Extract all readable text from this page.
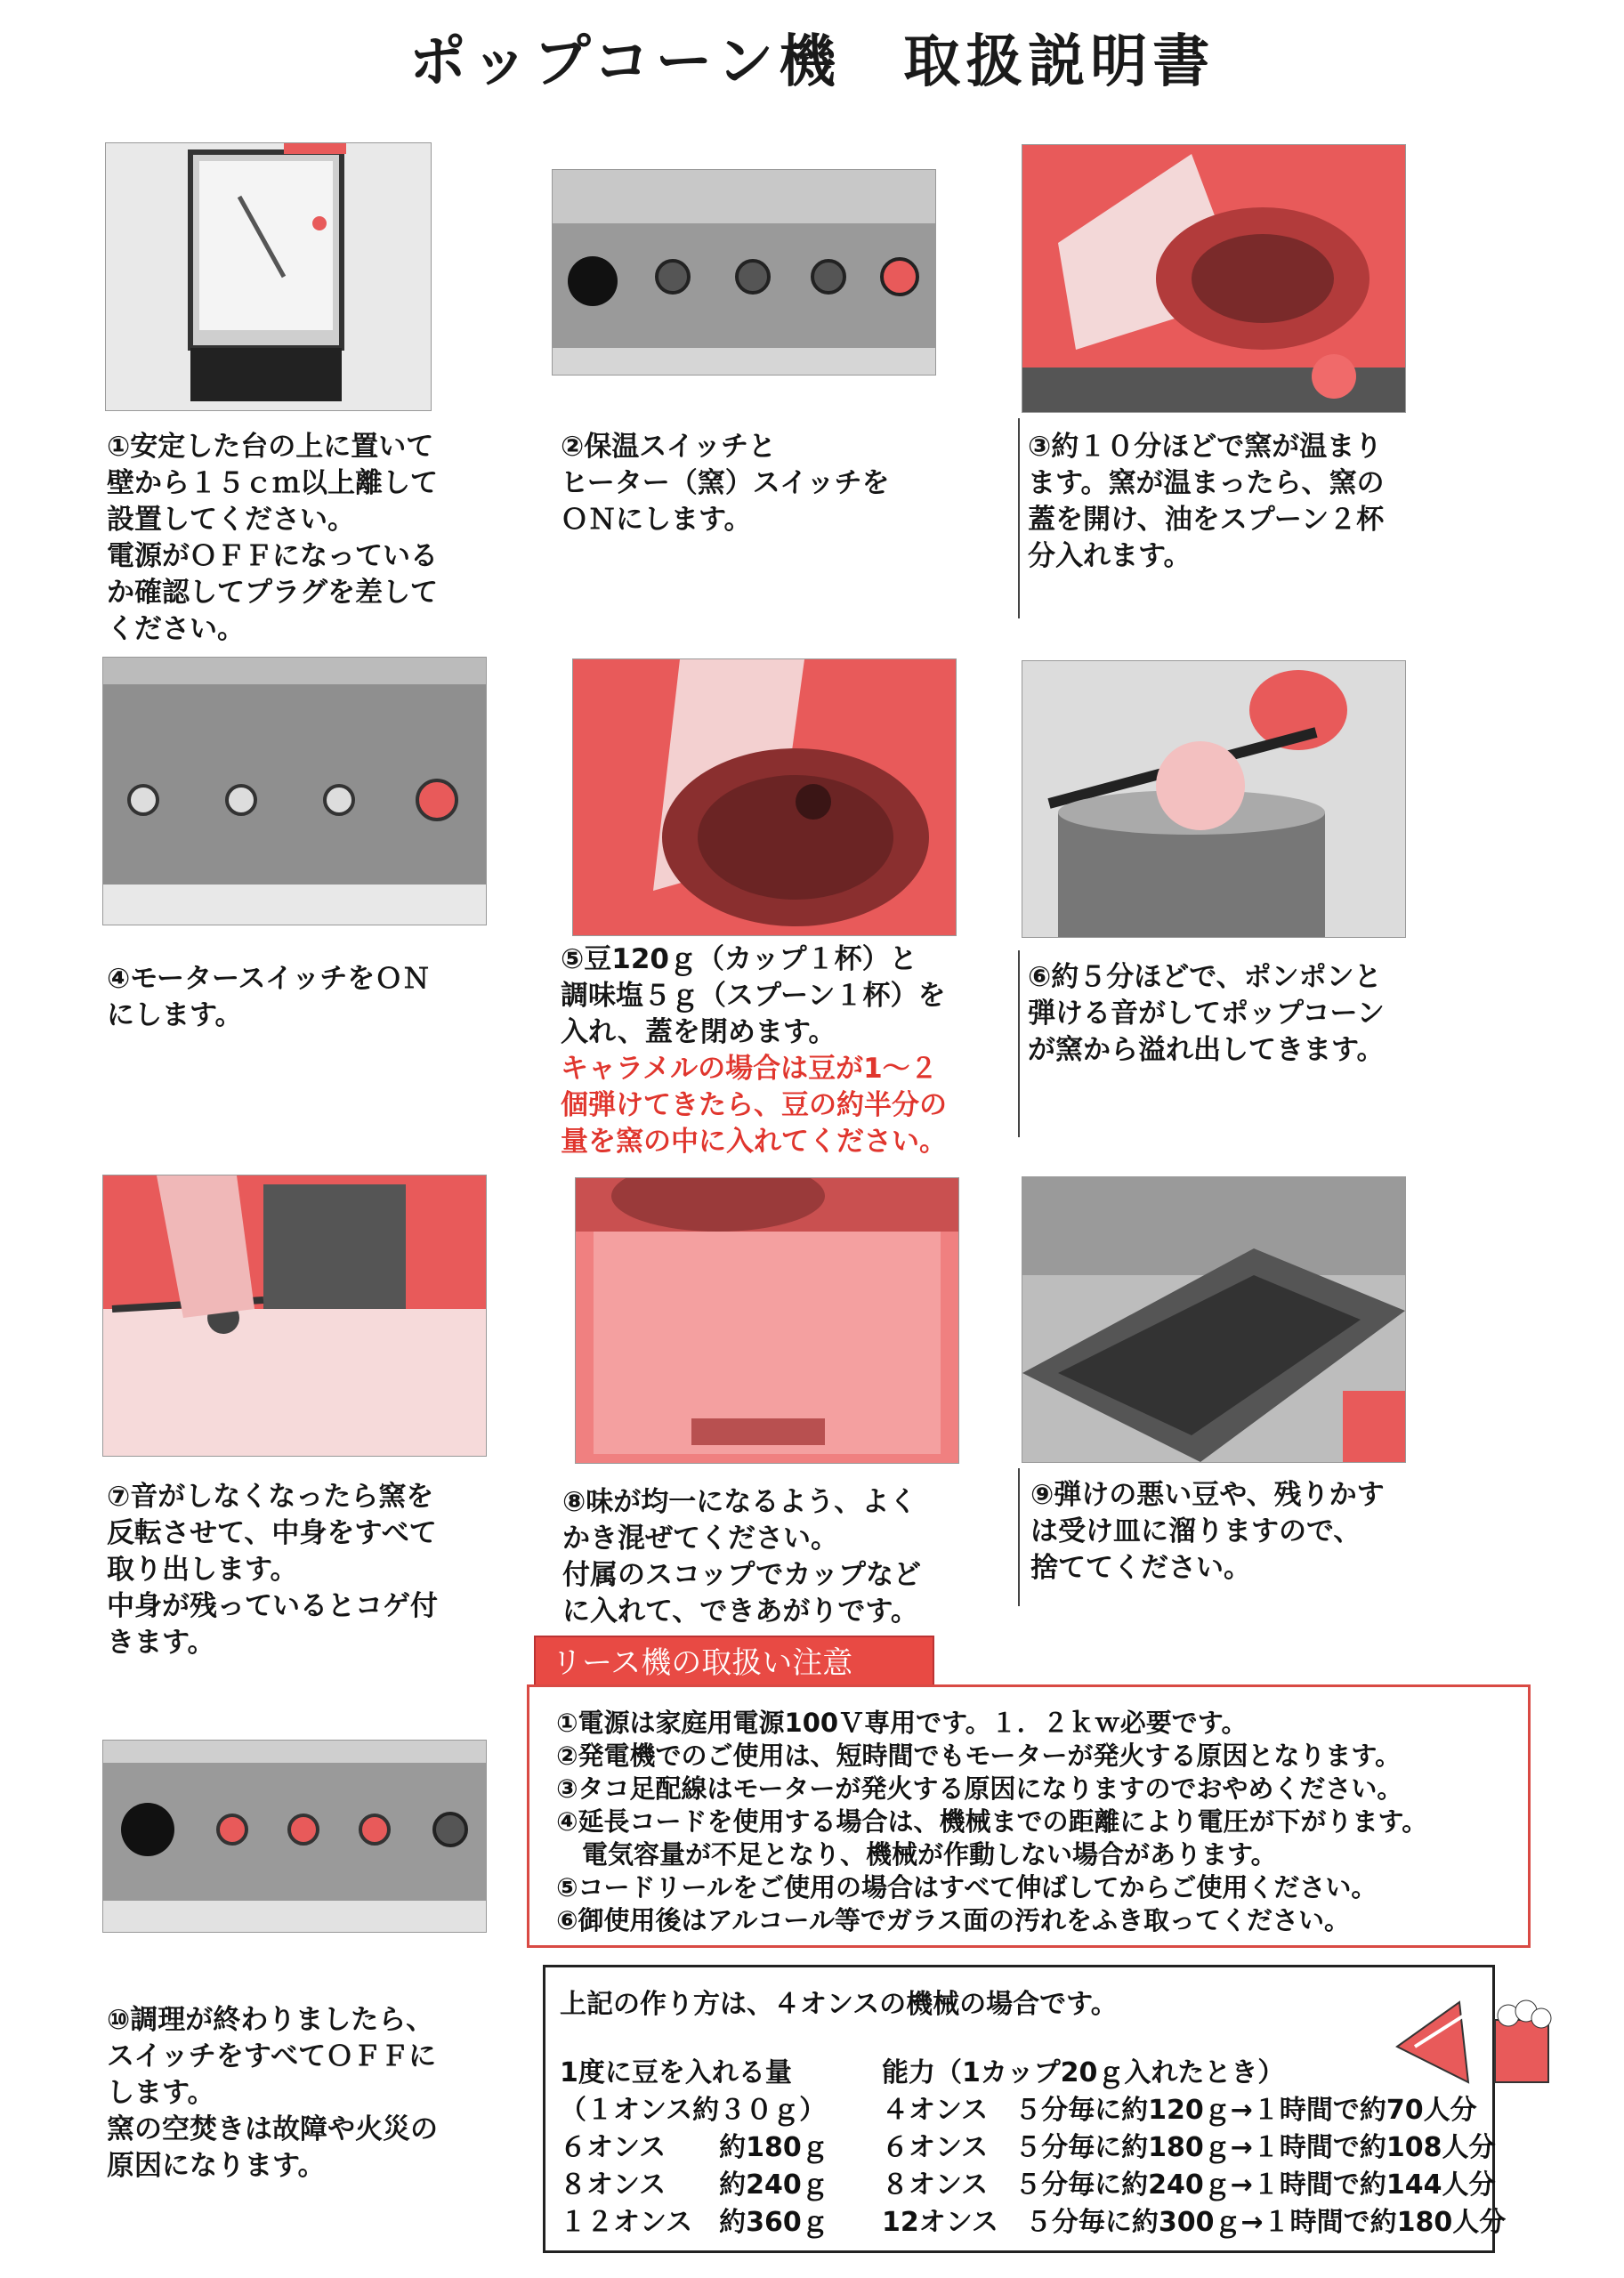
ポップコーン機　取扱説明書
①安定した台の上に置いて
壁から１５ｃｍ以上離して
設置してください。
電源がＯＦＦになっている
か確認してプラグを差して
ください。
②保温スイッチと
ヒーター（窯）スイッチを
ＯＮにします。
③約１０分ほどで窯が温まり
ます。窯が温まったら、窯の
蓋を開け、油をスプーン２杯
分入れます。
④モータースイッチをＯＮ
にします。
⑤豆120ｇ（カップ１杯）と
調味塩５ｇ（スプーン１杯）を
入れ、蓋を閉めます。
キャラメルの場合は豆が1～２
個弾けてきたら、豆の約半分の
量を窯の中に入れてください。
⑥約５分ほどで、ポンポンと
弾ける音がしてポップコーン
が窯から溢れ出してきます。
⑦音がしなくなったら窯を
反転させて、中身をすべて
取り出します。
中身が残っているとコゲ付
きます。
⑧味が均一になるよう、よく
かき混ぜてください。
付属のスコップでカップなど
に入れて、できあがりです。
⑨弾けの悪い豆や、残りかす
は受け皿に溜りますので、
捨ててください。
リース機の取扱い注意
①電源は家庭用電源100Ｖ専用です。１．２ｋｗ必要です。
②発電機でのご使用は、短時間でもモーターが発火する原因となります。
③タコ足配線はモーターが発火する原因になりますのでおやめください。
④延長コードを使用する場合は、機械までの距離により電圧が下がります。
　電気容量が不足となり、機械が作動しない場合があります。
⑤コードリールをご使用の場合はすべて伸ばしてからご使用ください。
⑥御使用後はアルコール等でガラス面の汚れをふき取ってください。
⑩調理が終わりましたら、
スイッチをすべてＯＦＦに
します。
窯の空焚きは故障や火災の
原因になります。
上記の作り方は、４オンスの機械の場合です。
1度に豆を入れる量
（１オンス約３０ｇ）
６オンス　　約180ｇ
８オンス　　約240ｇ
１２オンス　約360ｇ
能力（1カップ20ｇ入れたとき）
４オンス　５分毎に約120ｇ→１時間で約70人分
６オンス　５分毎に約180ｇ→１時間で約108人分
８オンス　５分毎に約240ｇ→１時間で約144人分
12オンス　５分毎に約300ｇ→１時間で約180人分
